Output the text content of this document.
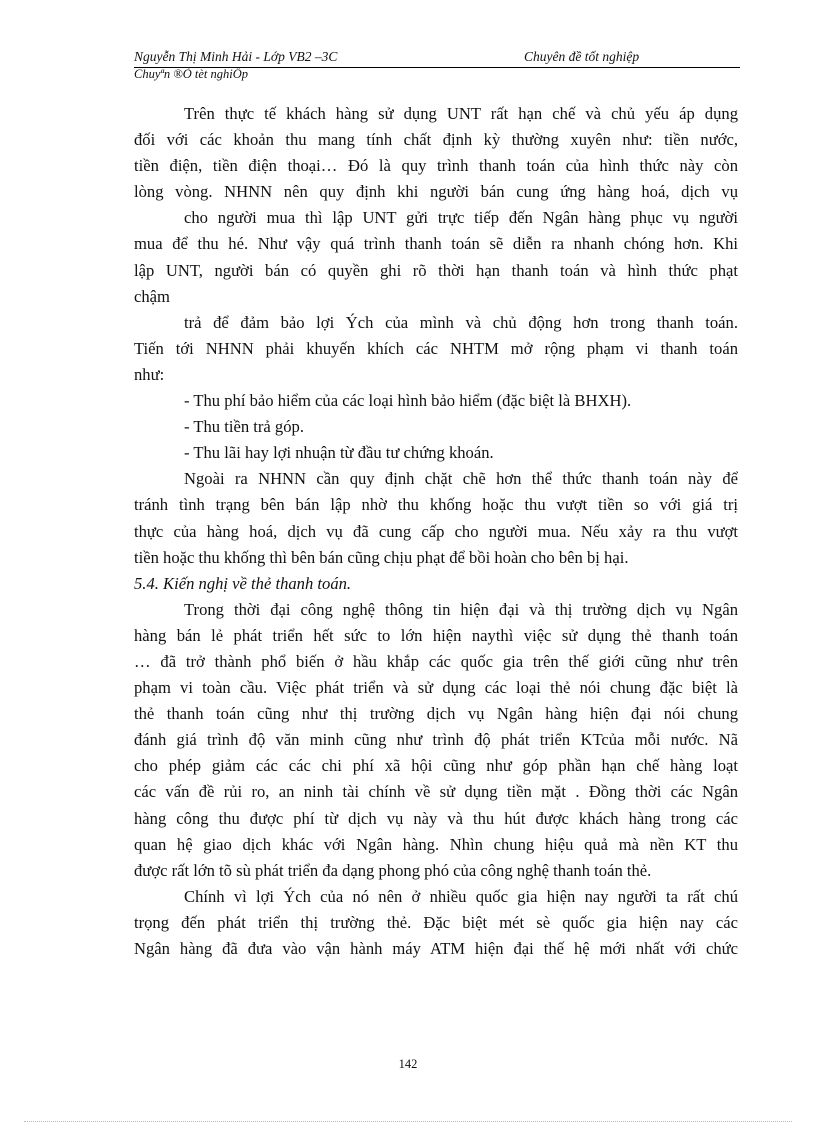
Nguyễn Thị Minh Hải - Lớp VB2 –3C	Chuyên đề tốt nghiệp
Chuyªn ®Ò tèt nghiÖp
Trên thực tế khách hàng sử dụng UNT rất hạn chế và chủ yếu áp dụng
đối với các khoản thu mang tính chất định kỳ thường xuyên như: tiền nước,
tiền điện, tiền điện thoại… Đó là quy trình thanh toán của hình thức này còn
lòng vòng. NHNN nên quy định khi người bán cung ứng hàng hoá, dịch vụ
cho người mua thì lập UNT gửi trực tiếp đến Ngân hàng phục vụ người
mua để thu hé. Như vậy quá trình thanh toán sẽ diễn ra nhanh chóng hơn. Khi
lập UNT, người bán có quyền ghi rõ thời hạn thanh toán và hình thức phạt
chậm
trả để đảm bảo lợi Ých của mình và chủ động hơn trong thanh toán.
Tiến tới NHNN phải khuyến khích các NHTM mở rộng phạm vi thanh toán
như:
- Thu phí bảo hiểm của các loại hình bảo hiểm (đặc biệt là BHXH).
- Thu tiền trả góp.
- Thu lãi hay lợi nhuận từ đầu tư chứng khoán.
Ngoài ra NHNN cần quy định chặt chẽ hơn thể thức thanh toán này để
tránh tình trạng bên bán lập nhờ thu khống hoặc thu vượt tiền so với giá trị
thực của hàng hoá, dịch vụ đã cung cấp cho người mua. Nếu xảy ra thu vượt
tiền hoặc thu khống thì bên bán cũng chịu phạt để bồi hoàn cho bên bị hại.
5.4. Kiến nghị về thẻ thanh toán.
Trong thời đại công nghệ thông tin hiện đại và thị trường dịch vụ Ngân
hàng bán lẻ phát triển hết sức to lớn hiện naythì việc sử dụng thẻ thanh toán
… đã trở thành phổ biến ở hầu khắp các quốc gia trên thế giới cũng như trên
phạm vi toàn cầu. Việc phát triển và sử dụng các loại thẻ nói chung đặc biệt là
thẻ thanh toán cũng như thị trường dịch vụ Ngân hàng hiện đại nói chung
đánh giá trình độ văn minh cũng như trình độ phát triển KTcủa mỗi nước. Nã
cho phép giảm các các chi phí xã hội cũng như góp phần hạn chế hàng loạt
các vấn đề rủi ro, an ninh tài chính về sử dụng tiền mặt . Đồng thời các Ngân
hàng công thu được phí từ dịch vụ này và thu hút được khách hàng trong các
quan hệ giao dịch khác với Ngân hàng. Nhìn chung hiệu quả mà nền KT thu
được rất lớn tõ sù phát triển đa dạng phong phó của công nghệ thanh toán thẻ.
Chính vì lợi Ých của nó nên ở nhiều quốc gia hiện nay người ta rất chú
trọng đến phát triển thị trường thẻ. Đặc biệt mét sè quốc gia hiện nay các
Ngân hàng đã đưa vào vận hành máy ATM hiện đại thế hệ mới nhất với chức
142
